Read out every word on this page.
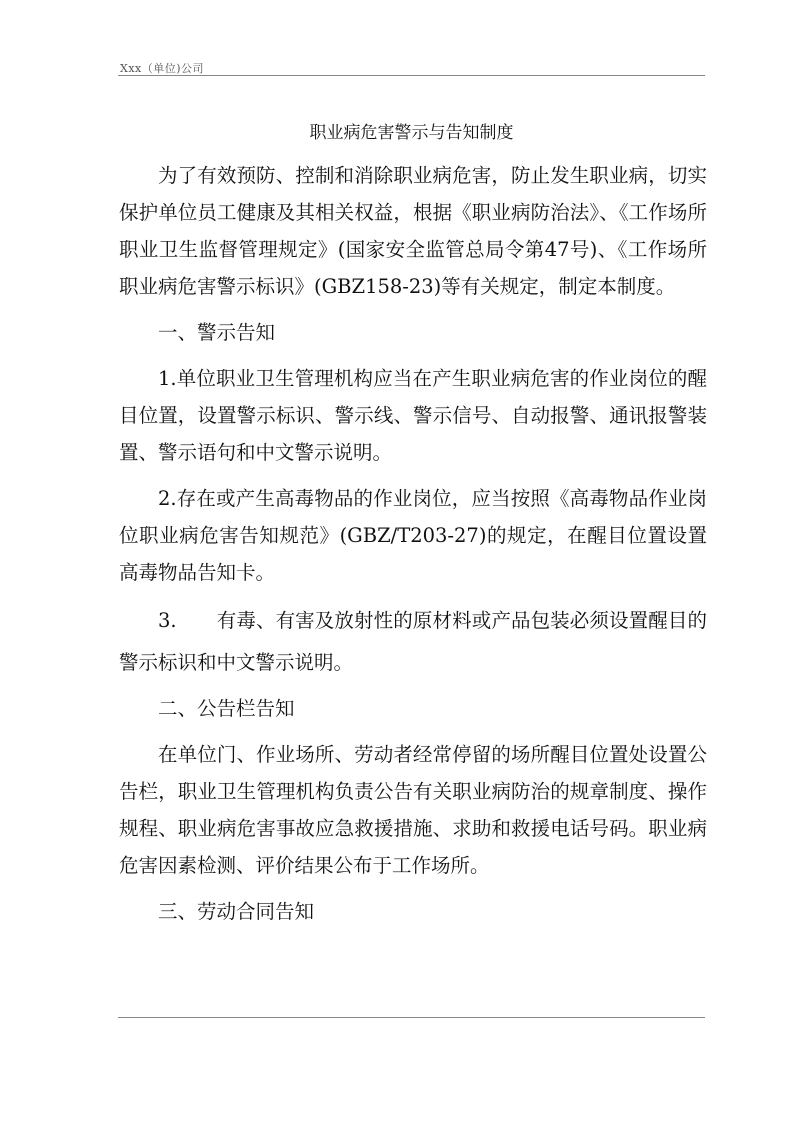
Xxx（单位)公司
职业病危害警示与告知制度

为了有效预防、控制和消除职业病危害，防止发生职业病，切实保护单位员工健康及其相关权益，根据《职业病防治法》、《工作场所职业卫生监督管理规定》(国家安全监管总局令第47号)、《工作场所职业病危害警示标识》(GBZ158-23)等有关规定，制定本制度。

一、警示告知

1.单位职业卫生管理机构应当在产生职业病危害的作业岗位的醒目位置，设置警示标识、警示线、警示信号、自动报警、通讯报警装置、警示语句和中文警示说明。

2.存在或产生高毒物品的作业岗位，应当按照《高毒物品作业岗位职业病危害告知规范》(GBZ/T203-27)的规定，在醒目位置设置高毒物品告知卡。

3. 有毒、有害及放射性的原材料或产品包装必须设置醒目的警示标识和中文警示说明。

二、公告栏告知

在单位门、作业场所、劳动者经常停留的场所醒目位置处设置公告栏，职业卫生管理机构负责公告有关职业病防治的规章制度、操作规程、职业病危害事故应急救援措施、求助和救援电话号码。职业病危害因素检测、评价结果公布于工作场所。

三、劳动合同告知
